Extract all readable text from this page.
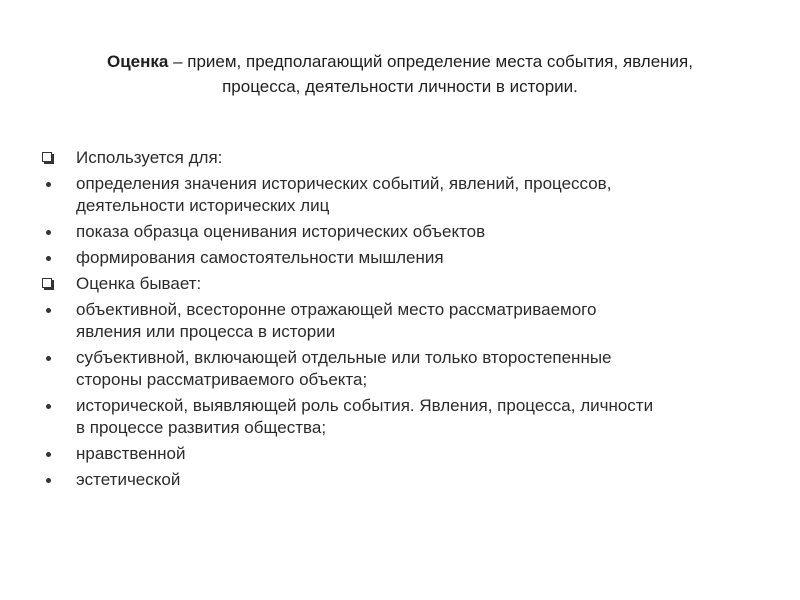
Оценка – прием, предполагающий определение места события, явления,
процесса, деятельности личности в истории.
Используется для:
определения значения исторических событий, явлений, процессов,
деятельности исторических лиц
показа образца оценивания исторических объектов
формирования самостоятельности мышления
Оценка бывает:
объективной, всесторонне отражающей место рассматриваемого
явления или процесса в истории
субъективной, включающей отдельные или только второстепенные
стороны рассматриваемого объекта;
исторической, выявляющей роль события. Явления, процесса, личности
в процессе развития общества;
нравственной
эстетической
